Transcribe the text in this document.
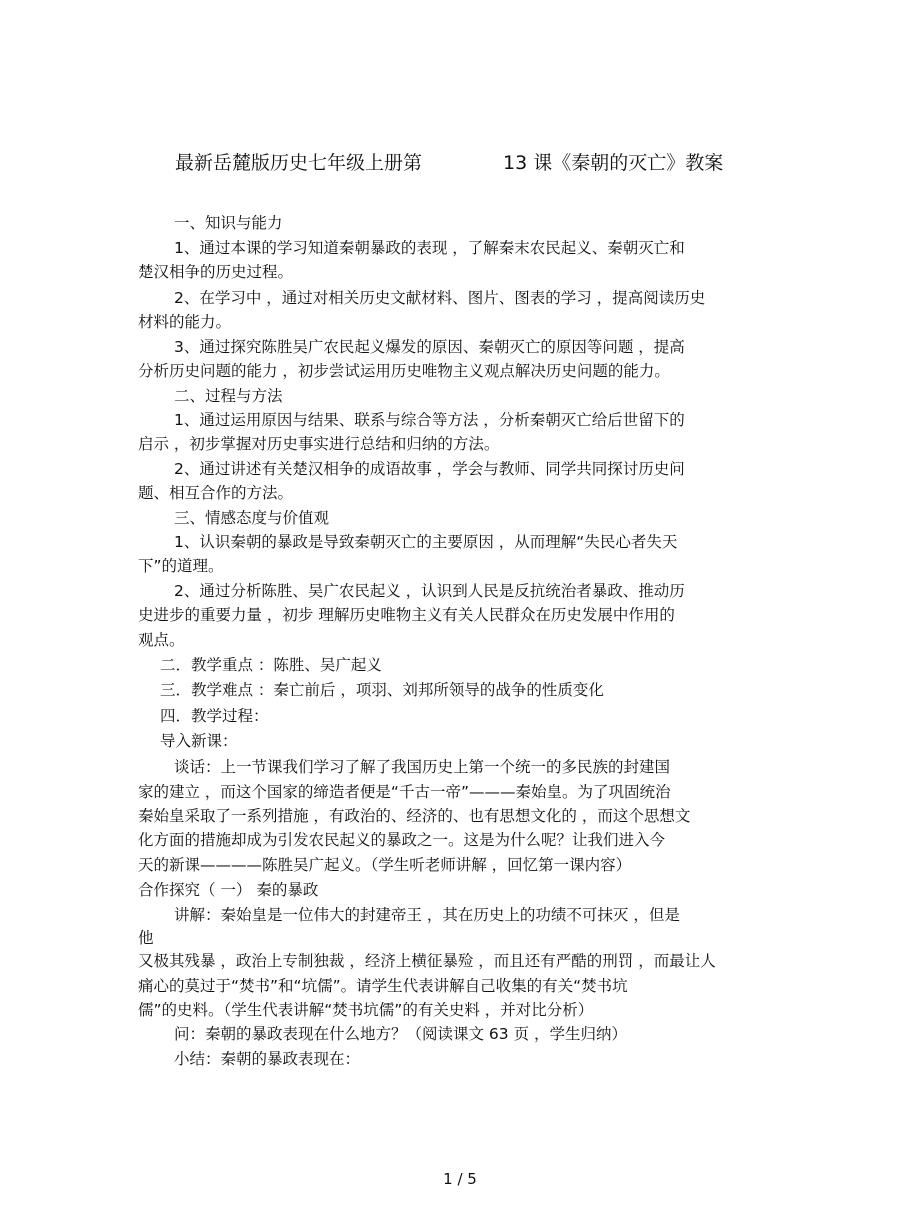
最新岳麓版历史七年级上册第	13 课《秦朝的灭亡》教案
一、知识与能力
1、通过本课的学习知道秦朝暴政的表现 ，了解秦末农民起义、秦朝灭亡和
楚汉相争的历史过程。
2、在学习中 ，通过对相关历史文献材料、图片、图表的学习 ，提高阅读历史
材料的能力。
3、通过探究陈胜吴广农民起义爆发的原因、秦朝灭亡的原因等问题 ，提高
分析历史问题的能力 ，初步尝试运用历史唯物主义观点解决历史问题的能力。
二、过程与方法
1、通过运用原因与结果、联系与综合等方法 ，分析秦朝灭亡给后世留下的
启示 ，初步掌握对历史事实进行总结和归纳的方法。
2、通过讲述有关楚汉相争的成语故事 ，学会与教师、同学共同探讨历史问
题、相互合作的方法。
三、情感态度与价值观
1、认识秦朝的暴政是导致秦朝灭亡的主要原因 ，从而理解“失民心者失天
下”的道理。
2、通过分析陈胜、吴广农民起义 ，认识到人民是反抗统治者暴政、推动历
史进步的重要力量 ，初步 理解历史唯物主义有关人民群众在历史发展中作用的
观点。
二．教学重点 ：陈胜、吴广起义
三．教学难点 ：秦亡前后 ，项羽、刘邦所领导的战争的性质变化
四．教学过程：
导入新课：
谈话：上一节课我们学习了解了我国历史上第一个统一的多民族的封建国
家的建立 ，而这个国家的缔造者便是“千古一帝”———秦始皇。为了巩固统治
秦始皇采取了一系列措施 ，有政治的、经济的、也有思想文化的 ，而这个思想文
化方面的措施却成为引发农民起义的暴政之一。这是为什么呢？让我们进入今
天的新课————陈胜吴广起义。（学生听老师讲解 ，回忆第一课内容）
合作探究（ 一） 秦的暴政
讲解：秦始皇是一位伟大的封建帝王 ，其在历史上的功绩不可抹灭 ，但是
他
又极其残暴 ，政治上专制独裁 ，经济上横征暴殓 ，而且还有严酷的刑罚 ，而最让人
痛心的莫过于“焚书”和“坑儒”。请学生代表讲解自己收集的有关“焚书坑
儒”的史料。（学生代表讲解“焚书坑儒”的有关史料 ，并对比分析）
问：秦朝的暴政表现在什么地方？（阅读课文 63 页 ，学生归纳）
小结：秦朝的暴政表现在：
1 / 5
